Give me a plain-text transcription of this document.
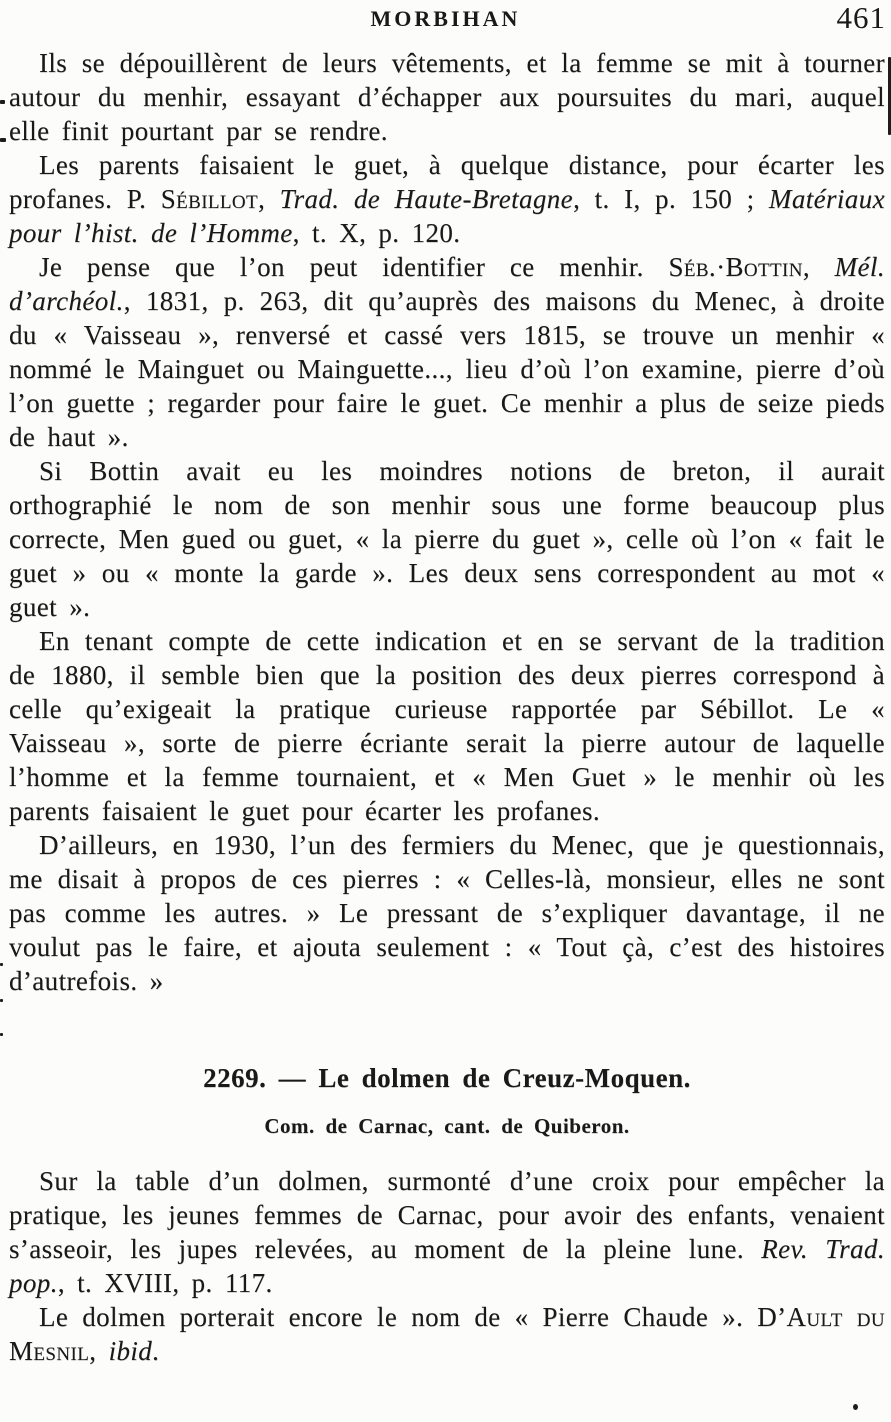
MORBIHAN	461

Ils se dépouillèrent de leurs vêtements, et la femme se mit à tourner autour du menhir, essayant d’échapper aux poursuites du mari, auquel elle finit pourtant par se rendre.

Les parents faisaient le guet, à quelque distance, pour écarter les profanes. P. Sébillot, Trad. de Haute-Bretagne, t. I, p. 150 ; Matériaux pour l’hist. de l’Homme, t. X, p. 120.

Je pense que l’on peut identifier ce menhir. Séb.·Bottin, Mél. d’archéol., 1831, p. 263, dit qu’auprès des maisons du Menec, à droite du « Vaisseau », renversé et cassé vers 1815, se trouve un menhir « nommé le Mainguet ou Mainguette..., lieu d’où l’on examine, pierre d’où l’on guette ; regarder pour faire le guet. Ce menhir a plus de seize pieds de haut ».

Si Bottin avait eu les moindres notions de breton, il aurait orthographié le nom de son menhir sous une forme beaucoup plus correcte, Men gued ou guet, « la pierre du guet », celle où l’on « fait le guet » ou « monte la garde ». Les deux sens correspondent au mot « guet ».

En tenant compte de cette indication et en se servant de la tradition de 1880, il semble bien que la position des deux pierres correspond à celle qu’exigeait la pratique curieuse rapportée par Sébillot. Le « Vaisseau », sorte de pierre écriante serait la pierre autour de laquelle l’homme et la femme tournaient, et « Men Guet » le menhir où les parents faisaient le guet pour écarter les profanes.

D’ailleurs, en 1930, l’un des fermiers du Menec, que je questionnais, me disait à propos de ces pierres : « Celles-là, monsieur, elles ne sont pas comme les autres. » Le pressant de s’expliquer davantage, il ne voulut pas le faire, et ajouta seulement : « Tout çà, c’est des histoires d’autrefois. »

2269. — Le dolmen de Creuz-Moquen.
Com. de Carnac, cant. de Quiberon.

Sur la table d’un dolmen, surmonté d’une croix pour empêcher la pratique, les jeunes femmes de Carnac, pour avoir des enfants, venaient s’asseoir, les jupes relevées, au moment de la pleine lune. Rev. Trad. pop., t. XVIII, p. 117.

Le dolmen porterait encore le nom de « Pierre Chaude ». D’Ault du Mesnil, ibid.
